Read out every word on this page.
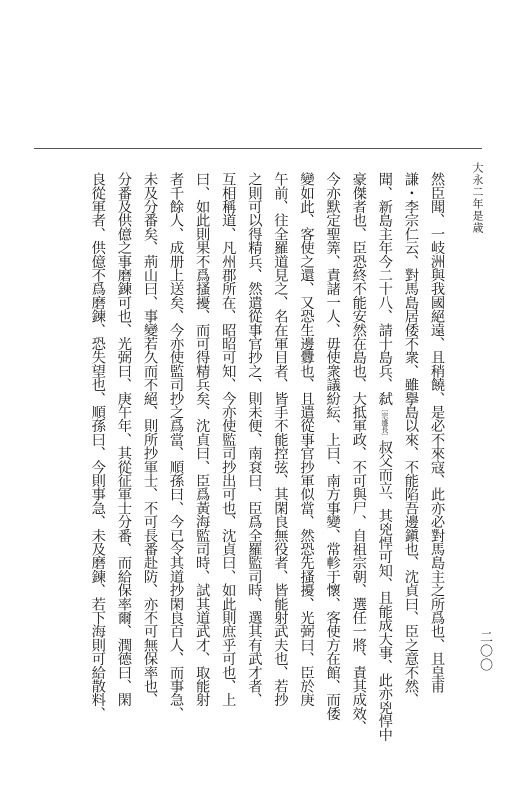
大永二年是歳
然臣聞、一岐洲與我國絕遠、且稍饒、是必不來寇、此亦必對馬島主之所爲也、且皇甫
謙・李宗仁云、對馬島居倭不衆、雖擧島以來、不能陷吾邊鎭也、沈貞曰、臣之意不然、
聞、新島主年今二十八、請十島兵、弑〔宗盛長〕叔父而立、其兇悍可知、且能成大事、此亦兇悍中
豪傑者也、臣恐終不能安然在島也、大抵軍政、不可與尸、自祖宗朝、選任一將、責其成效、
今亦默定聖筭、責諸一人、毋使衆議紛紜、上曰、南方事變、常軫于懷、客使方在館、而倭
變如此、客使之還、又恐生邊釁也、且遣從事官抄軍似當、然恐先搔擾、光弼曰、臣於庚
午前、往全羅道見之、名在軍目者、皆手不能控弦、其閑良無役者、皆能射武夫也、若抄
之則可以得精兵、然遣從事官抄之、則未便、南袞曰、臣爲全羅監司時、選其有武才者、
互相稱道、凡州郡所在、昭昭可知、今亦使監司抄出可也、沈貞曰、如此則庶乎可也、上
曰、如此則果不爲搔擾、而可得精兵矣、沈貞曰、臣爲黃海監司時、試其道武才、取能射
者千餘人、成册上送矣、今亦使監司抄之爲當、順孫曰、今已令其道抄閑良百人、而事急、
未及分番矣、荊山曰、事變若久而不絕、則所抄軍士、不可長番赴防、亦不可無保率也、
分番及供億之事磨鍊可也、光弼曰、庚午年、其從征軍士分番、而給保率爾、潤德曰、閑
良從軍者、供億不爲磨鍊、恐失望也、順孫曰、今則事急、未及磨鍊、若下海則可給散料、	二〇〇
